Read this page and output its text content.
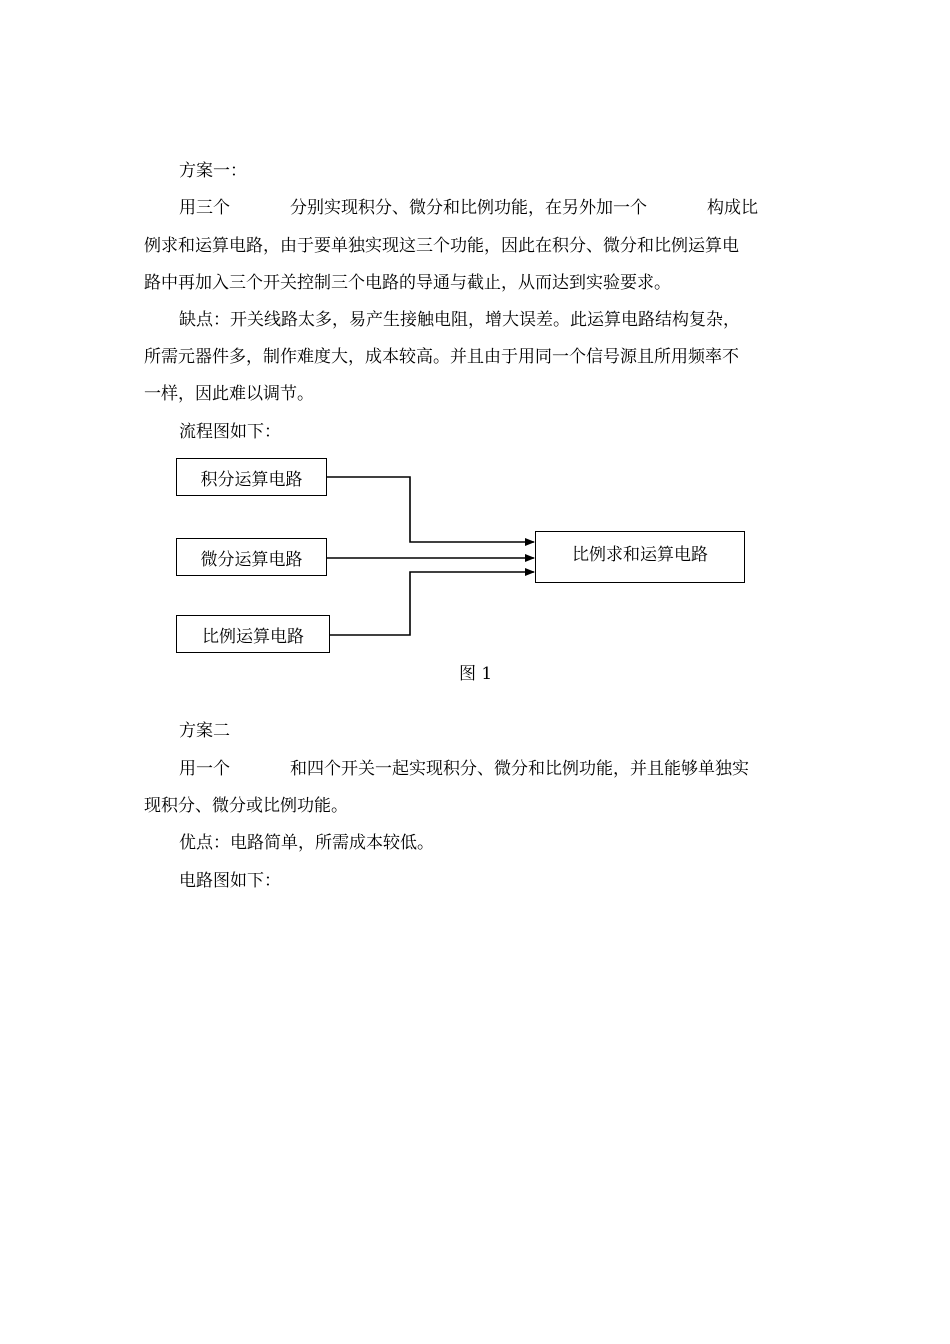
方案一：
用三个	分别实现积分、微分和比例功能，在另外加一个	构成比
例求和运算电路，由于要单独实现这三个功能，因此在积分、微分和比例运算电
路中再加入三个开关控制三个电路的导通与截止，从而达到实验要求。
缺点：开关线路太多，易产生接触电阻，增大误差。此运算电路结构复杂，
所需元器件多，制作难度大，成本较高。并且由于用同一个信号源且所用频率不
一样，因此难以调节。
流程图如下：
积分运算电路
微分运算电路
比例运算电路
比例求和运算电路
图 1
方案二
用一个	和四个开关一起实现积分、微分和比例功能，并且能够单独实
现积分、微分或比例功能。
优点：电路简单，所需成本较低。
电路图如下：
